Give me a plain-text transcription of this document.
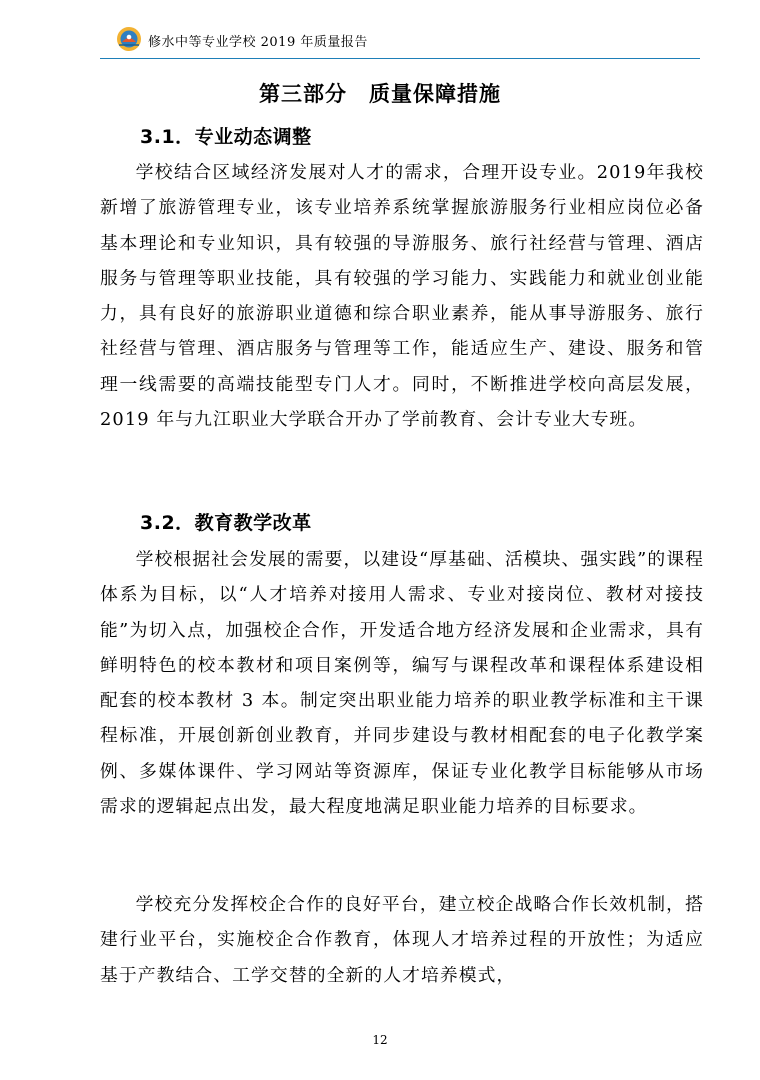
修水中等专业学校 2019 年质量报告
第三部分　质量保障措施
3.1．专业动态调整

学校结合区域经济发展对人才的需求，合理开设专业。2019年我校新增了旅游管理专业，该专业培养系统掌握旅游服务行业相应岗位必备基本理论和专业知识，具有较强的导游服务、旅行社经营与管理、酒店服务与管理等职业技能，具有较强的学习能力、实践能力和就业创业能力，具有良好的旅游职业道德和综合职业素养，能从事导游服务、旅行社经营与管理、酒店服务与管理等工作，能适应生产、建设、服务和管理一线需要的高端技能型专门人才。同时，不断推进学校向高层发展，2019 年与九江职业大学联合开办了学前教育、会计专业大专班。

3.2．教育教学改革

学校根据社会发展的需要，以建设“厚基础、活模块、强实践”的课程体系为目标，以“人才培养对接用人需求、专业对接岗位、教材对接技能”为切入点，加强校企合作，开发适合地方经济发展和企业需求，具有鲜明特色的校本教材和项目案例等，编写与课程改革和课程体系建设相配套的校本教材 3 本。制定突出职业能力培养的职业教学标准和主干课程标准，开展创新创业教育，并同步建设与教材相配套的电子化教学案例、多媒体课件、学习网站等资源库，保证专业化教学目标能够从市场需求的逻辑起点出发，最大程度地满足职业能力培养的目标要求。

学校充分发挥校企合作的良好平台，建立校企战略合作长效机制，搭建行业平台，实施校企合作教育，体现人才培养过程的开放性；为适应基于产教结合、工学交替的全新的人才培养模式，

12
